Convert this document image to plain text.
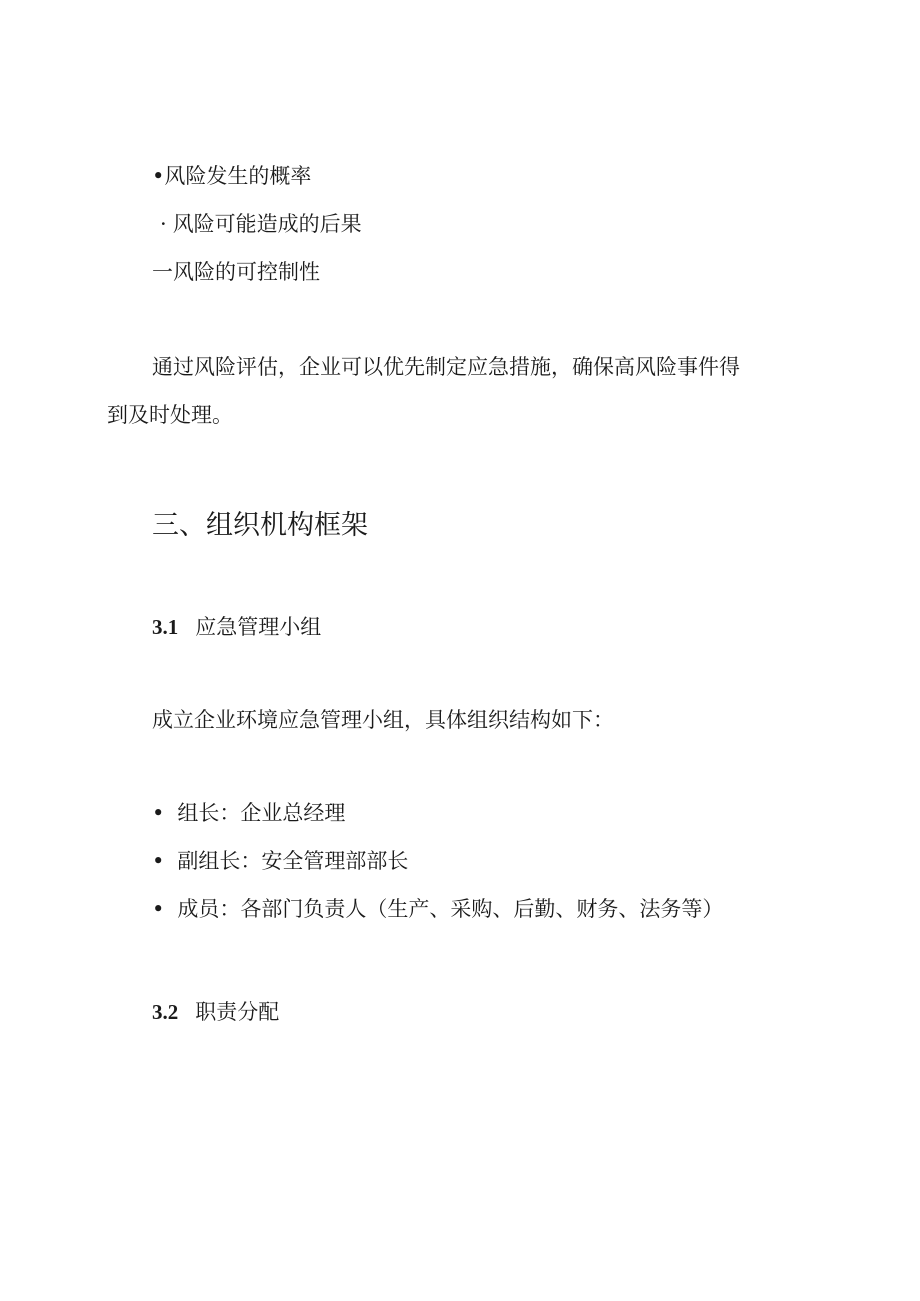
•风险发生的概率
· 风险可能造成的后果
一风险的可控制性
通过风险评估，企业可以优先制定应急措施，确保高风险事件得
到及时处理。
三、组织机构框架
3.1 应急管理小组
成立企业环境应急管理小组，具体组织结构如下：
• 组长：企业总经理
• 副组长：安全管理部部长
• 成员：各部门负责人（生产、采购、后勤、财务、法务等）
3.2 职责分配
